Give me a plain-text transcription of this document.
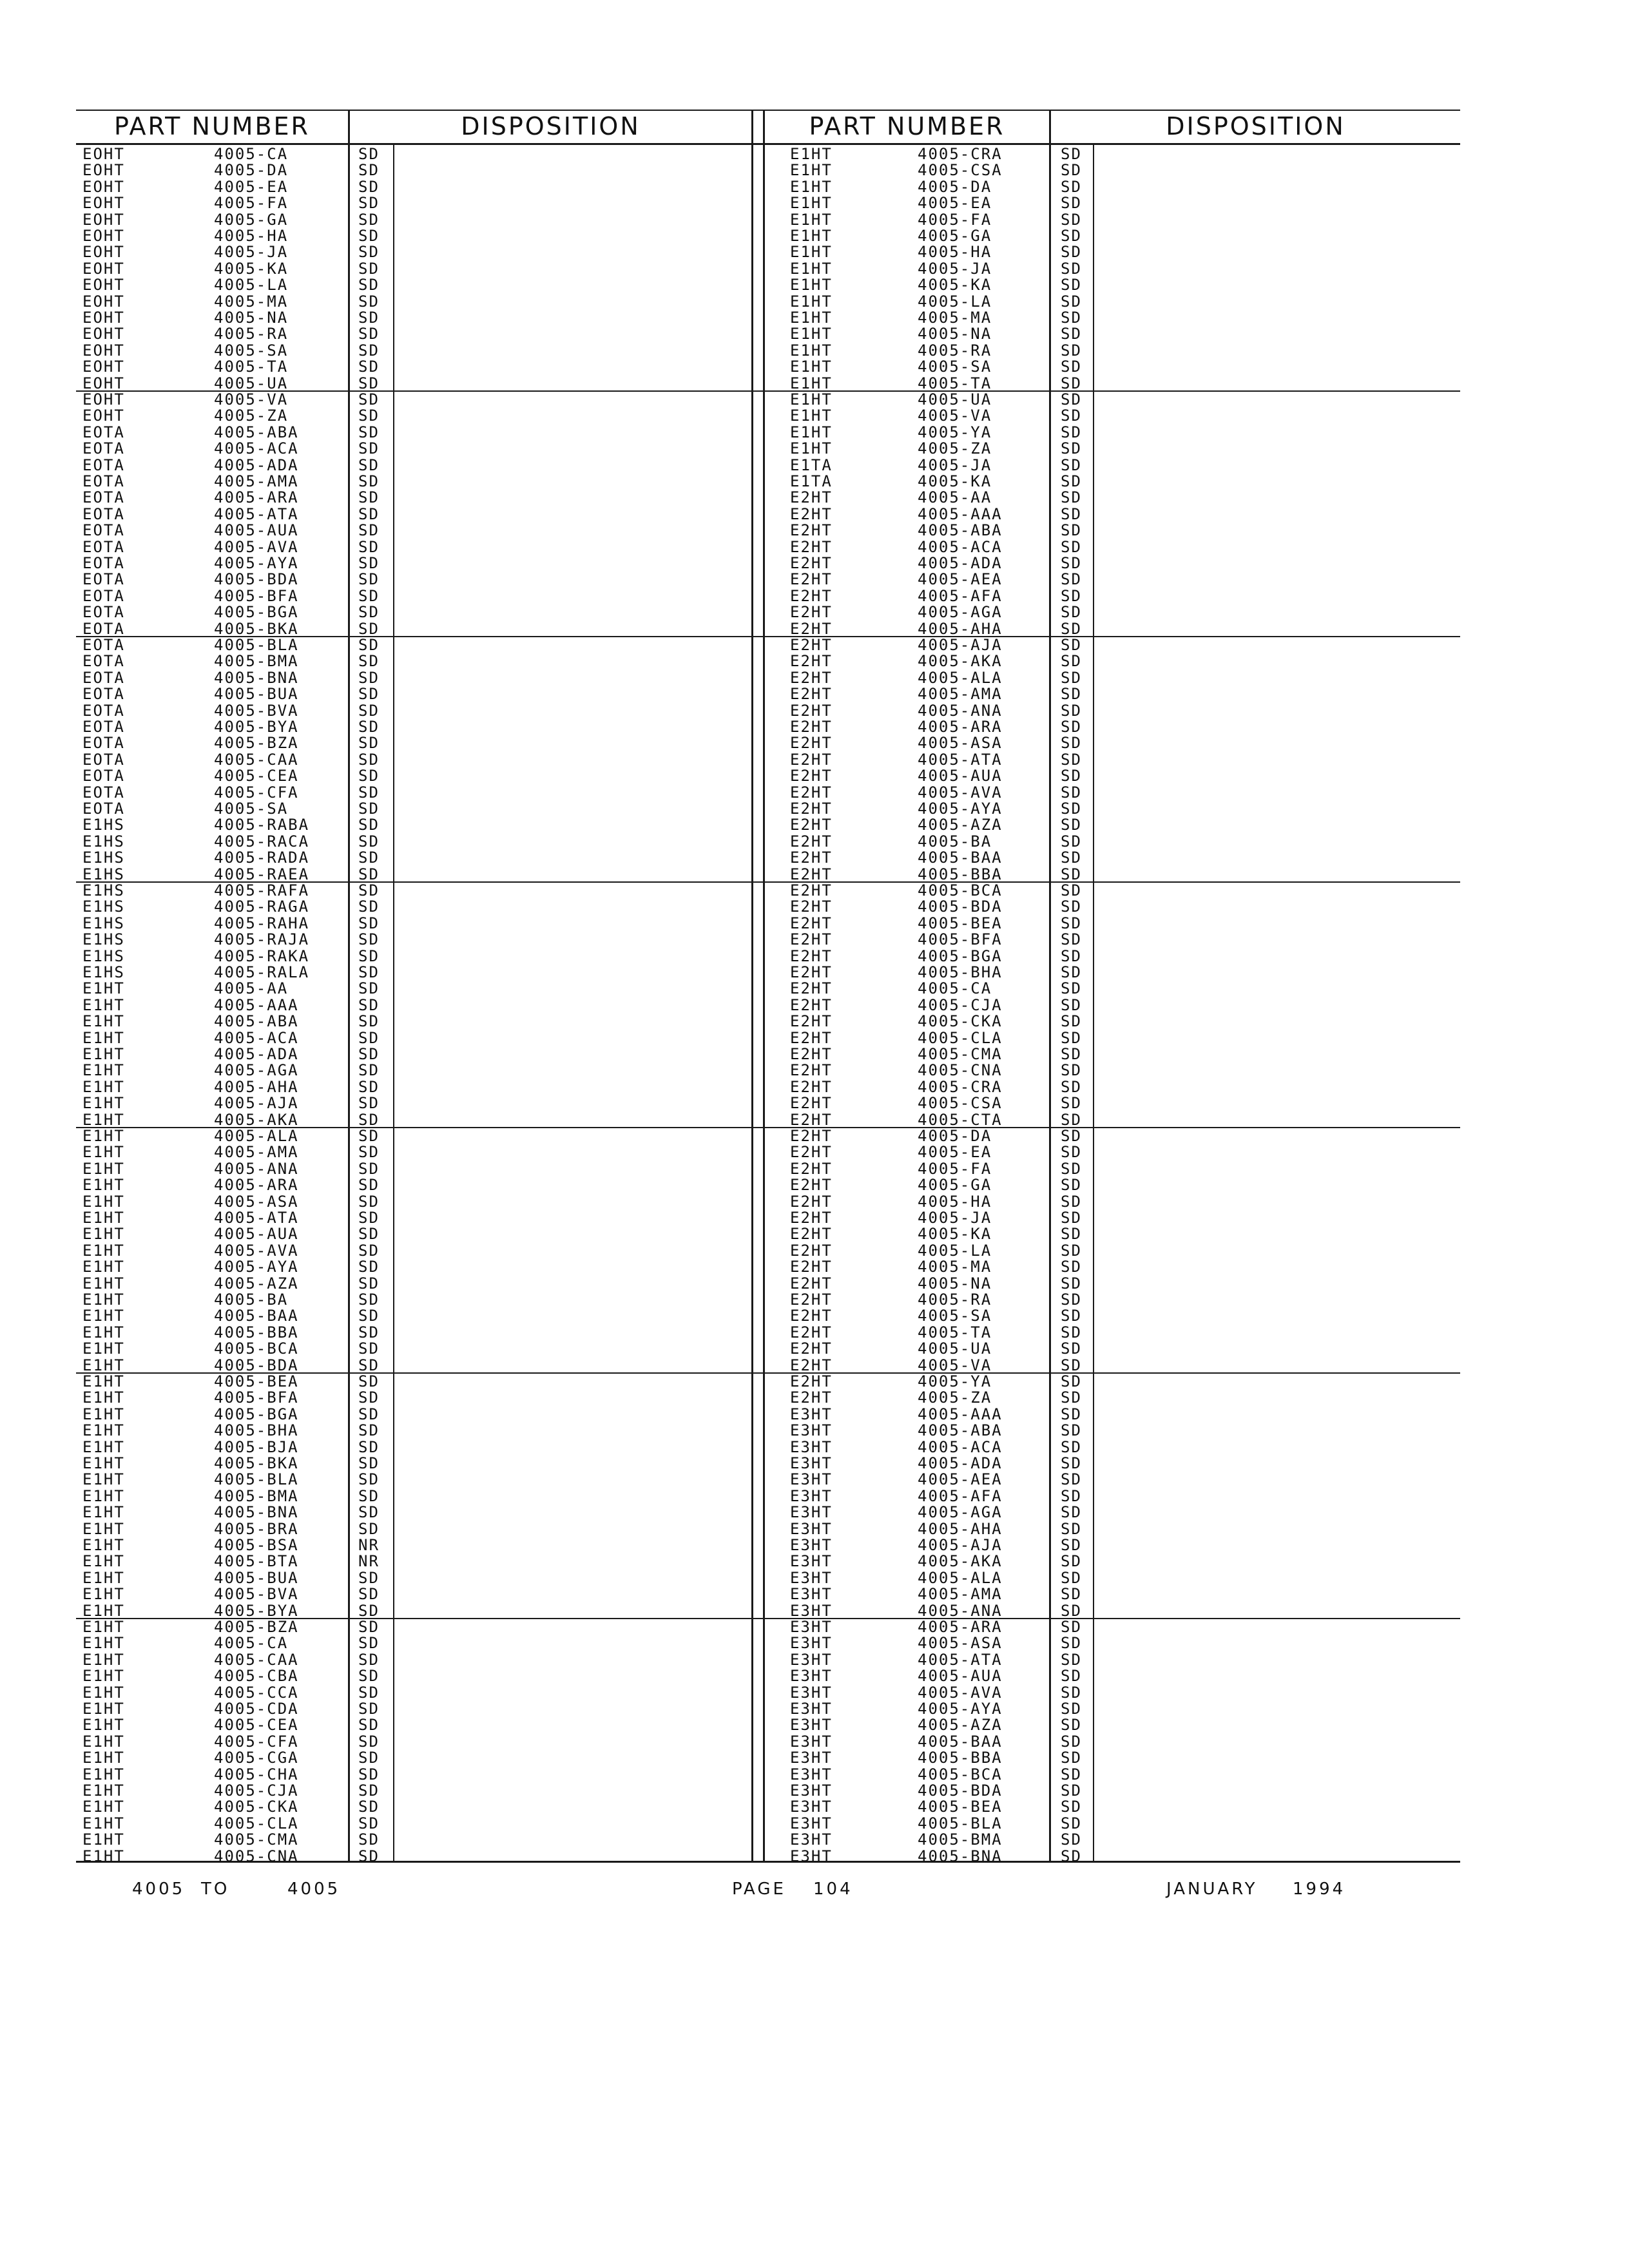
PART NUMBER	DISPOSITION	PART NUMBER	DISPOSITION
EOHT	4005-CA	SD
EOHT	4005-DA	SD
EOHT	4005-EA	SD
EOHT	4005-FA	SD
EOHT	4005-GA	SD
EOHT	4005-HA	SD
EOHT	4005-JA	SD
EOHT	4005-KA	SD
EOHT	4005-LA	SD
EOHT	4005-MA	SD
EOHT	4005-NA	SD
EOHT	4005-RA	SD
EOHT	4005-SA	SD
EOHT	4005-TA	SD
EOHT	4005-UA	SD
EOHT	4005-VA	SD
EOHT	4005-ZA	SD
EOTA	4005-ABA	SD
EOTA	4005-ACA	SD
EOTA	4005-ADA	SD
EOTA	4005-AMA	SD
EOTA	4005-ARA	SD
EOTA	4005-ATA	SD
EOTA	4005-AUA	SD
EOTA	4005-AVA	SD
EOTA	4005-AYA	SD
EOTA	4005-BDA	SD
EOTA	4005-BFA	SD
EOTA	4005-BGA	SD
EOTA	4005-BKA	SD
EOTA	4005-BLA	SD
EOTA	4005-BMA	SD
EOTA	4005-BNA	SD
EOTA	4005-BUA	SD
EOTA	4005-BVA	SD
EOTA	4005-BYA	SD
EOTA	4005-BZA	SD
EOTA	4005-CAA	SD
EOTA	4005-CEA	SD
EOTA	4005-CFA	SD
EOTA	4005-SA	SD
E1HS	4005-RABA	SD
E1HS	4005-RACA	SD
E1HS	4005-RADA	SD
E1HS	4005-RAEA	SD
E1HS	4005-RAFA	SD
E1HS	4005-RAGA	SD
E1HS	4005-RAHA	SD
E1HS	4005-RAJA	SD
E1HS	4005-RAKA	SD
E1HS	4005-RALA	SD
E1HT	4005-AA	SD
E1HT	4005-AAA	SD
E1HT	4005-ABA	SD
E1HT	4005-ACA	SD
E1HT	4005-ADA	SD
E1HT	4005-AGA	SD
E1HT	4005-AHA	SD
E1HT	4005-AJA	SD
E1HT	4005-AKA	SD
E1HT	4005-ALA	SD
E1HT	4005-AMA	SD
E1HT	4005-ANA	SD
E1HT	4005-ARA	SD
E1HT	4005-ASA	SD
E1HT	4005-ATA	SD
E1HT	4005-AUA	SD
E1HT	4005-AVA	SD
E1HT	4005-AYA	SD
E1HT	4005-AZA	SD
E1HT	4005-BA	SD
E1HT	4005-BAA	SD
E1HT	4005-BBA	SD
E1HT	4005-BCA	SD
E1HT	4005-BDA	SD
E1HT	4005-BEA	SD
E1HT	4005-BFA	SD
E1HT	4005-BGA	SD
E1HT	4005-BHA	SD
E1HT	4005-BJA	SD
E1HT	4005-BKA	SD
E1HT	4005-BLA	SD
E1HT	4005-BMA	SD
E1HT	4005-BNA	SD
E1HT	4005-BRA	SD
E1HT	4005-BSA	NR
E1HT	4005-BTA	NR
E1HT	4005-BUA	SD
E1HT	4005-BVA	SD
E1HT	4005-BYA	SD
E1HT	4005-BZA	SD
E1HT	4005-CA	SD
E1HT	4005-CAA	SD
E1HT	4005-CBA	SD
E1HT	4005-CCA	SD
E1HT	4005-CDA	SD
E1HT	4005-CEA	SD
E1HT	4005-CFA	SD
E1HT	4005-CGA	SD
E1HT	4005-CHA	SD
E1HT	4005-CJA	SD
E1HT	4005-CKA	SD
E1HT	4005-CLA	SD
E1HT	4005-CMA	SD
E1HT	4005-CNA	SD
E1HT	4005-CRA	SD
E1HT	4005-CSA	SD
E1HT	4005-DA	SD
E1HT	4005-EA	SD
E1HT	4005-FA	SD
E1HT	4005-GA	SD
E1HT	4005-HA	SD
E1HT	4005-JA	SD
E1HT	4005-KA	SD
E1HT	4005-LA	SD
E1HT	4005-MA	SD
E1HT	4005-NA	SD
E1HT	4005-RA	SD
E1HT	4005-SA	SD
E1HT	4005-TA	SD
E1HT	4005-UA	SD
E1HT	4005-VA	SD
E1HT	4005-YA	SD
E1HT	4005-ZA	SD
E1TA	4005-JA	SD
E1TA	4005-KA	SD
E2HT	4005-AA	SD
E2HT	4005-AAA	SD
E2HT	4005-ABA	SD
E2HT	4005-ACA	SD
E2HT	4005-ADA	SD
E2HT	4005-AEA	SD
E2HT	4005-AFA	SD
E2HT	4005-AGA	SD
E2HT	4005-AHA	SD
E2HT	4005-AJA	SD
E2HT	4005-AKA	SD
E2HT	4005-ALA	SD
E2HT	4005-AMA	SD
E2HT	4005-ANA	SD
E2HT	4005-ARA	SD
E2HT	4005-ASA	SD
E2HT	4005-ATA	SD
E2HT	4005-AUA	SD
E2HT	4005-AVA	SD
E2HT	4005-AYA	SD
E2HT	4005-AZA	SD
E2HT	4005-BA	SD
E2HT	4005-BAA	SD
E2HT	4005-BBA	SD
E2HT	4005-BCA	SD
E2HT	4005-BDA	SD
E2HT	4005-BEA	SD
E2HT	4005-BFA	SD
E2HT	4005-BGA	SD
E2HT	4005-BHA	SD
E2HT	4005-CA	SD
E2HT	4005-CJA	SD
E2HT	4005-CKA	SD
E2HT	4005-CLA	SD
E2HT	4005-CMA	SD
E2HT	4005-CNA	SD
E2HT	4005-CRA	SD
E2HT	4005-CSA	SD
E2HT	4005-CTA	SD
E2HT	4005-DA	SD
E2HT	4005-EA	SD
E2HT	4005-FA	SD
E2HT	4005-GA	SD
E2HT	4005-HA	SD
E2HT	4005-JA	SD
E2HT	4005-KA	SD
E2HT	4005-LA	SD
E2HT	4005-MA	SD
E2HT	4005-NA	SD
E2HT	4005-RA	SD
E2HT	4005-SA	SD
E2HT	4005-TA	SD
E2HT	4005-UA	SD
E2HT	4005-VA	SD
E2HT	4005-YA	SD
E2HT	4005-ZA	SD
E3HT	4005-AAA	SD
E3HT	4005-ABA	SD
E3HT	4005-ACA	SD
E3HT	4005-ADA	SD
E3HT	4005-AEA	SD
E3HT	4005-AFA	SD
E3HT	4005-AGA	SD
E3HT	4005-AHA	SD
E3HT	4005-AJA	SD
E3HT	4005-AKA	SD
E3HT	4005-ALA	SD
E3HT	4005-AMA	SD
E3HT	4005-ANA	SD
E3HT	4005-ARA	SD
E3HT	4005-ASA	SD
E3HT	4005-ATA	SD
E3HT	4005-AUA	SD
E3HT	4005-AVA	SD
E3HT	4005-AYA	SD
E3HT	4005-AZA	SD
E3HT	4005-BAA	SD
E3HT	4005-BBA	SD
E3HT	4005-BCA	SD
E3HT	4005-BDA	SD
E3HT	4005-BEA	SD
E3HT	4005-BLA	SD
E3HT	4005-BMA	SD
E3HT	4005-BNA	SD
4005 TO	4005	PAGE 104	JANUARY 1994
